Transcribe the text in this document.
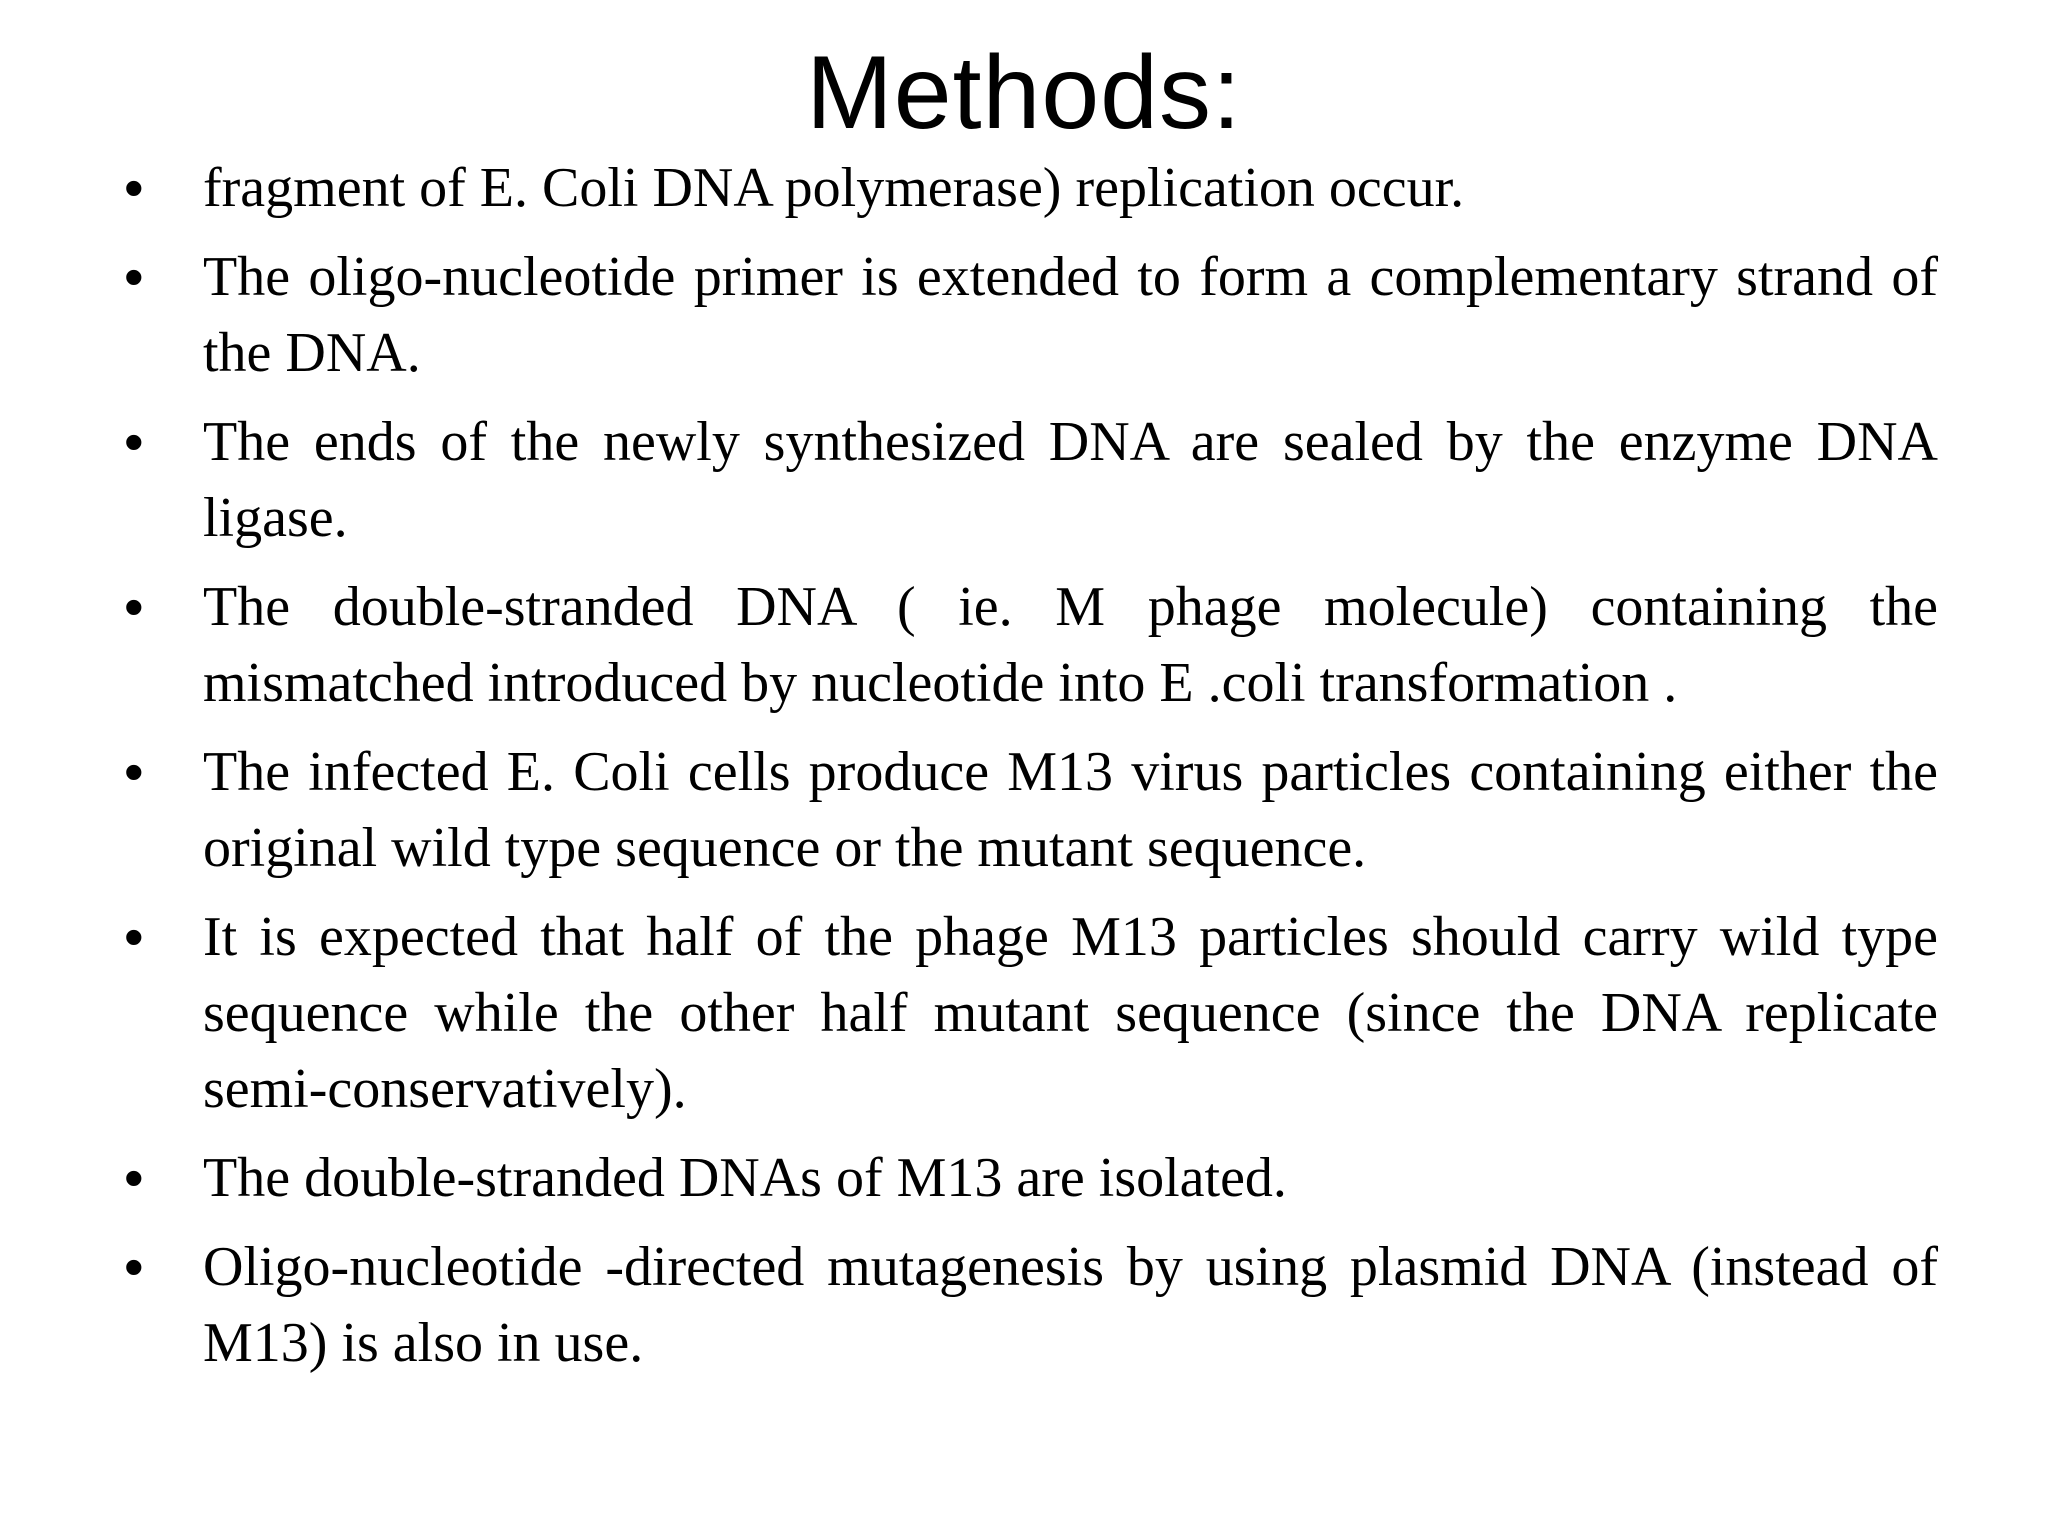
Methods:
• fragment of E. Coli DNA polymerase) replication occur.
• The oligo-nucleotide primer is extended to form a complementary strand of the DNA.
• The ends of the newly synthesized DNA are sealed by the enzyme DNA ligase.
• The double-stranded DNA ( ie. M phage molecule) containing the mismatched introduced by nucleotide into E .coli transformation .
• The infected E. Coli cells produce M13 virus particles containing either the original wild type sequence or the mutant sequence.
• It is expected that half of the phage M13 particles should carry wild type sequence while the other half mutant sequence (since the DNA replicate semi-conservatively).
• The double-stranded DNAs of M13 are isolated.
• Oligo-nucleotide -directed mutagenesis by using plasmid DNA (instead of M13) is also in use.
